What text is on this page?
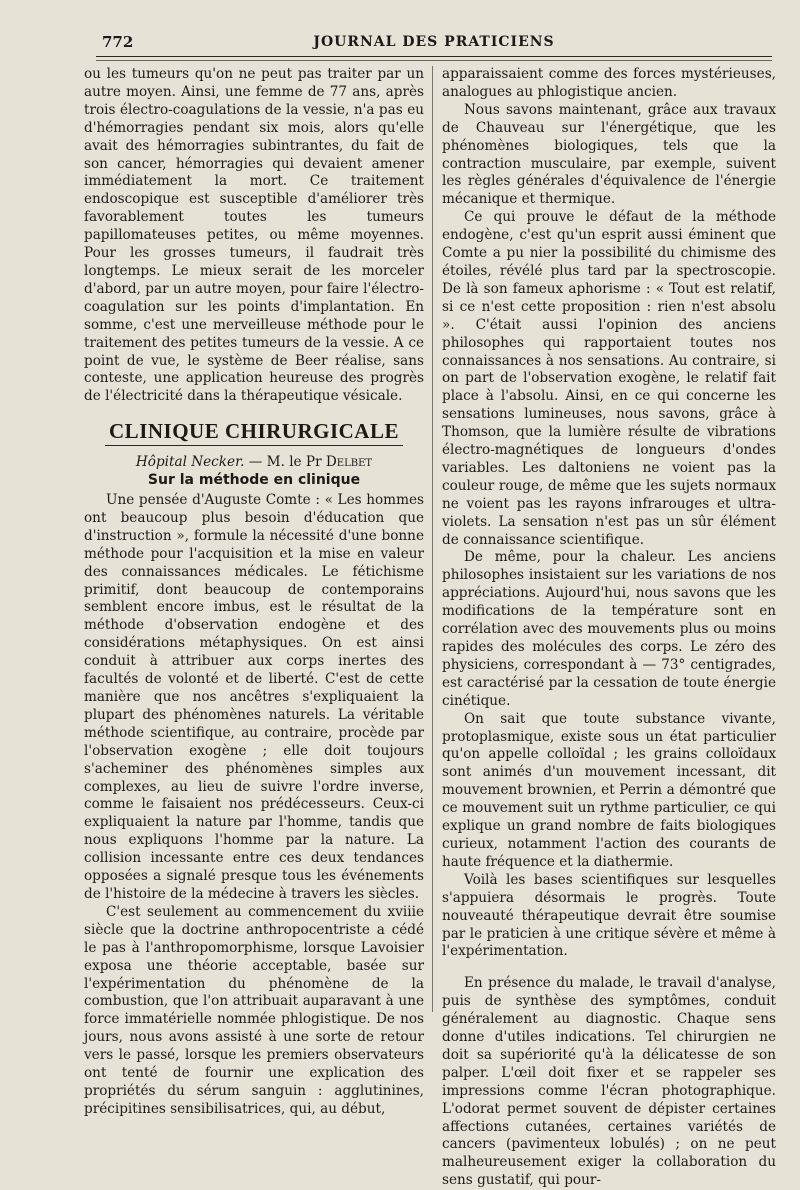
772	JOURNAL DES PRATICIENS

ou les tumeurs qu'on ne peut pas traiter par un autre moyen. Ainsi, une femme de 77 ans, après trois électro-coagulations de la vessie, n'a pas eu d'hémorragies pendant six mois, alors qu'elle avait des hémorragies subintrantes, du fait de son cancer, hémorragies qui devaient amener immédiatement la mort. Ce traitement endoscopique est susceptible d'améliorer très favorablement toutes les tumeurs papillomateuses petites, ou même moyennes. Pour les grosses tumeurs, il faudrait très longtemps. Le mieux serait de les morceler d'abord, par un autre moyen, pour faire l'électro-coagulation sur les points d'implantation. En somme, c'est une merveilleuse méthode pour le traitement des petites tumeurs de la vessie. A ce point de vue, le système de Beer réalise, sans conteste, une application heureuse des progrès de l'électricité dans la thérapeutique vésicale.

CLINIQUE CHIRURGICALE
Hôpital Necker. — M. le Pr Delbet
Sur la méthode en clinique

Une pensée d'Auguste Comte : « Les hommes ont beaucoup plus besoin d'éducation que d'instruction », formule la nécessité d'une bonne méthode pour l'acquisition et la mise en valeur des connaissances médicales. Le fétichisme primitif, dont beaucoup de contemporains semblent encore imbus, est le résultat de la méthode d'observation endogène et des considérations métaphysiques. On est ainsi conduit à attribuer aux corps inertes des facultés de volonté et de liberté. C'est de cette manière que nos ancêtres s'expliquaient la plupart des phénomènes naturels. La véritable méthode scientifique, au contraire, procède par l'observation exogène ; elle doit toujours s'acheminer des phénomènes simples aux complexes, au lieu de suivre l'ordre inverse, comme le faisaient nos prédécesseurs. Ceux-ci expliquaient la nature par l'homme, tandis que nous expliquons l'homme par la nature. La collision incessante entre ces deux tendances opposées a signalé presque tous les événements de l'histoire de la médecine à travers les siècles.

C'est seulement au commencement du xviiie siècle que la doctrine anthropocentriste a cédé le pas à l'anthropomorphisme, lorsque Lavoisier exposa une théorie acceptable, basée sur l'expérimentation du phénomène de la combustion, que l'on attribuait auparavant à une force immatérielle nommée phlogistique. De nos jours, nous avons assisté à une sorte de retour vers le passé, lorsque les premiers observateurs ont tenté de fournir une explication des propriétés du sérum sanguin : agglutinines, précipitines sensibilisatrices, qui, au début,

apparaissaient comme des forces mystérieuses, analogues au phlogistique ancien.

Nous savons maintenant, grâce aux travaux de Chauveau sur l'énergétique, que les phénomènes biologiques, tels que la contraction musculaire, par exemple, suivent les règles générales d'équivalence de l'énergie mécanique et thermique.

Ce qui prouve le défaut de la méthode endogène, c'est qu'un esprit aussi éminent que Comte a pu nier la possibilité du chimisme des étoiles, révélé plus tard par la spectroscopie. De là son fameux aphorisme : « Tout est relatif, si ce n'est cette proposition : rien n'est absolu ». C'était aussi l'opinion des anciens philosophes qui rapportaient toutes nos connaissances à nos sensations. Au contraire, si on part de l'observation exogène, le relatif fait place à l'absolu. Ainsi, en ce qui concerne les sensations lumineuses, nous savons, grâce à Thomson, que la lumière résulte de vibrations électro-magnétiques de longueurs d'ondes variables. Les daltoniens ne voient pas la couleur rouge, de même que les sujets normaux ne voient pas les rayons infrarouges et ultra-violets. La sensation n'est pas un sûr élément de connaissance scientifique.

De même, pour la chaleur. Les anciens philosophes insistaient sur les variations de nos appréciations. Aujourd'hui, nous savons que les modifications de la température sont en corrélation avec des mouvements plus ou moins rapides des molécules des corps. Le zéro des physiciens, correspondant à — 73° centigrades, est caractérisé par la cessation de toute énergie cinétique.

On sait que toute substance vivante, protoplasmique, existe sous un état particulier qu'on appelle colloïdal ; les grains colloïdaux sont animés d'un mouvement incessant, dit mouvement brownien, et Perrin a démontré que ce mouvement suit un rythme particulier, ce qui explique un grand nombre de faits biologiques curieux, notamment l'action des courants de haute fréquence et la diathermie.

Voilà les bases scientifiques sur lesquelles s'appuiera désormais le progrès. Toute nouveauté thérapeutique devrait être soumise par le praticien à une critique sévère et même à l'expérimentation.

En présence du malade, le travail d'analyse, puis de synthèse des symptômes, conduit généralement au diagnostic. Chaque sens donne d'utiles indications. Tel chirurgien ne doit sa supériorité qu'à la délicatesse de son palper. L'œil doit fixer et se rappeler ses impressions comme l'écran photographique. L'odorat permet souvent de dépister certaines affections cutanées, certaines variétés de cancers (pavimenteux lobulés) ; on ne peut malheureusement exiger la collaboration du sens gustatif, qui pour-
